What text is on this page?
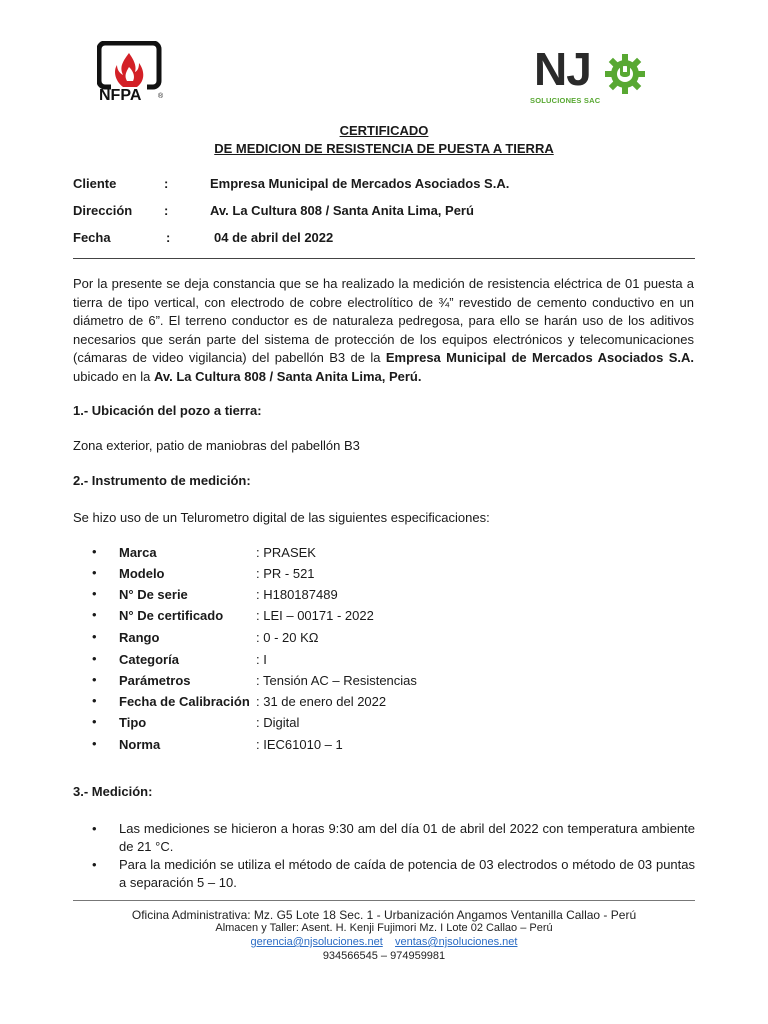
NFPA ®
NJ
SOLUCIONES SAC
CERTIFICADO
DE MEDICION DE RESISTENCIA DE PUESTA A TIERRA
Cliente	:	Empresa Municipal de Mercados Asociados S.A.
Dirección :	Av. La Cultura 808 / Santa Anita Lima, Perú
Fecha	:	04 de abril del 2022
Por la presente se deja constancia que se ha realizado la medición de resistencia eléctrica de 01 puesta a tierra de tipo vertical, con electrodo de cobre electrolítico de ¾” revestido de cemento conductivo en un diámetro de 6”. El terreno conductor es de naturaleza pedregosa, para ello se harán uso de los aditivos necesarios que serán parte del sistema de protección de los equipos electrónicos y telecomunicaciones (cámaras de video vigilancia) del pabellón B3 de la Empresa Municipal de Mercados Asociados S.A. ubicado en la Av. La Cultura 808 / Santa Anita Lima, Perú.
1.- Ubicación del pozo a tierra:
Zona exterior, patio de maniobras del pabellón B3
2.- Instrumento de medición:
Se hizo uso de un Telurometro digital de las siguientes especificaciones:
• Marca	: PRASEK
• Modelo	: PR - 521
• N° De serie	: H180187489
• N° De certificado	: LEI – 00171 - 2022
• Rango	: 0 - 20 KΩ
• Categoría	: I
• Parámetros	: Tensión AC – Resistencias
• Fecha de Calibración : 31 de enero del 2022
• Tipo	: Digital
• Norma	: IEC61010 – 1
3.- Medición:
• Las mediciones se hicieron a horas 9:30 am del día 01 de abril del 2022 con temperatura ambiente de 21 °C.
• Para la medición se utiliza el método de caída de potencia de 03 electrodos o método de 03 puntas a separación 5 – 10.
Oficina Administrativa: Mz. G5 Lote 18 Sec. 1 - Urbanización Angamos Ventanilla Callao - Perú
Almacen y Taller: Asent. H. Kenji Fujimori Mz. I Lote 02 Callao – Perú
gerencia@njsoluciones.net ventas@njsoluciones.net
934566545 – 974959981
